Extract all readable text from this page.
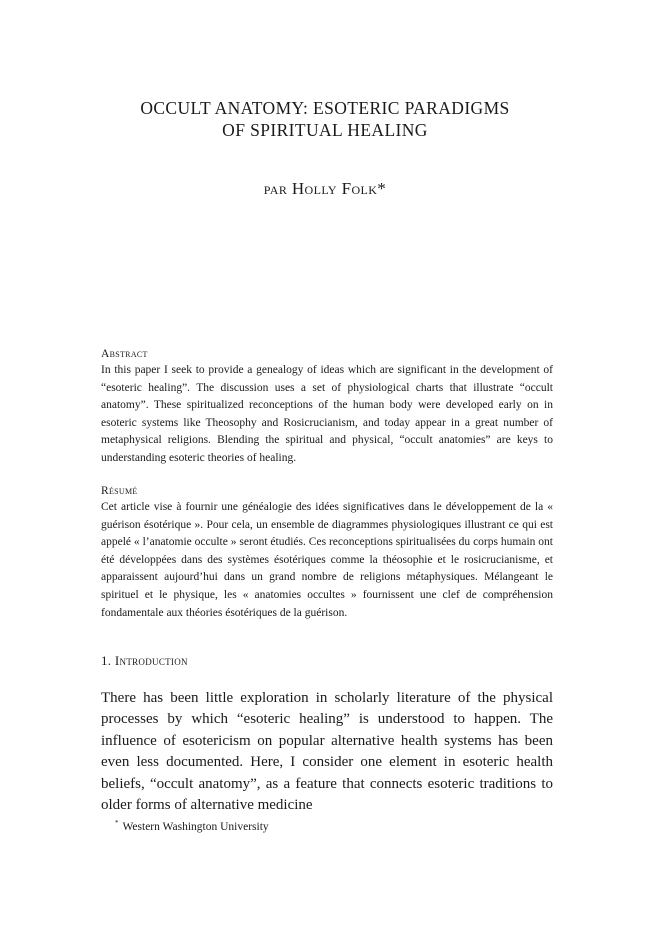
OCCULT ANATOMY: ESOTERIC PARADIGMS
OF SPIRITUAL HEALING
par Holly Folk*
Abstract

In this paper I seek to provide a genealogy of ideas which are significant in the development of “esoteric healing”. The discussion uses a set of physiological charts that illustrate “occult anatomy”. These spiritualized reconceptions of the human body were developed early on in esoteric systems like Theosophy and Rosicrucianism, and today appear in a great number of metaphysical religions. Blending the spiritual and physical, “occult anatomies” are keys to understanding esoteric theories of healing.

Résumé

Cet article vise à fournir une généalogie des idées significatives dans le développement de la « guérison ésotérique ». Pour cela, un ensemble de diagrammes physiologiques illustrant ce qui est appelé « l’anatomie occulte » seront étudiés. Ces reconceptions spiritualisées du corps humain ont été développées dans des systèmes ésotériques comme la théosophie et le rosicrucianisme, et apparaissent aujourd’hui dans un grand nombre de religions métaphysiques. Mélangeant le spirituel et le physique, les « anatomies occultes » fournissent une clef de compréhension fondamentale aux théories ésotériques de la guérison.

1. Introduction

There has been little exploration in scholarly literature of the physical processes by which “esoteric healing” is understood to happen. The influence of esotericism on popular alternative health systems has been even less documented. Here, I consider one element in esoteric health beliefs, “occult anatomy”, as a feature that connects esoteric traditions to older forms of alternative medicine

* Western Washington University
